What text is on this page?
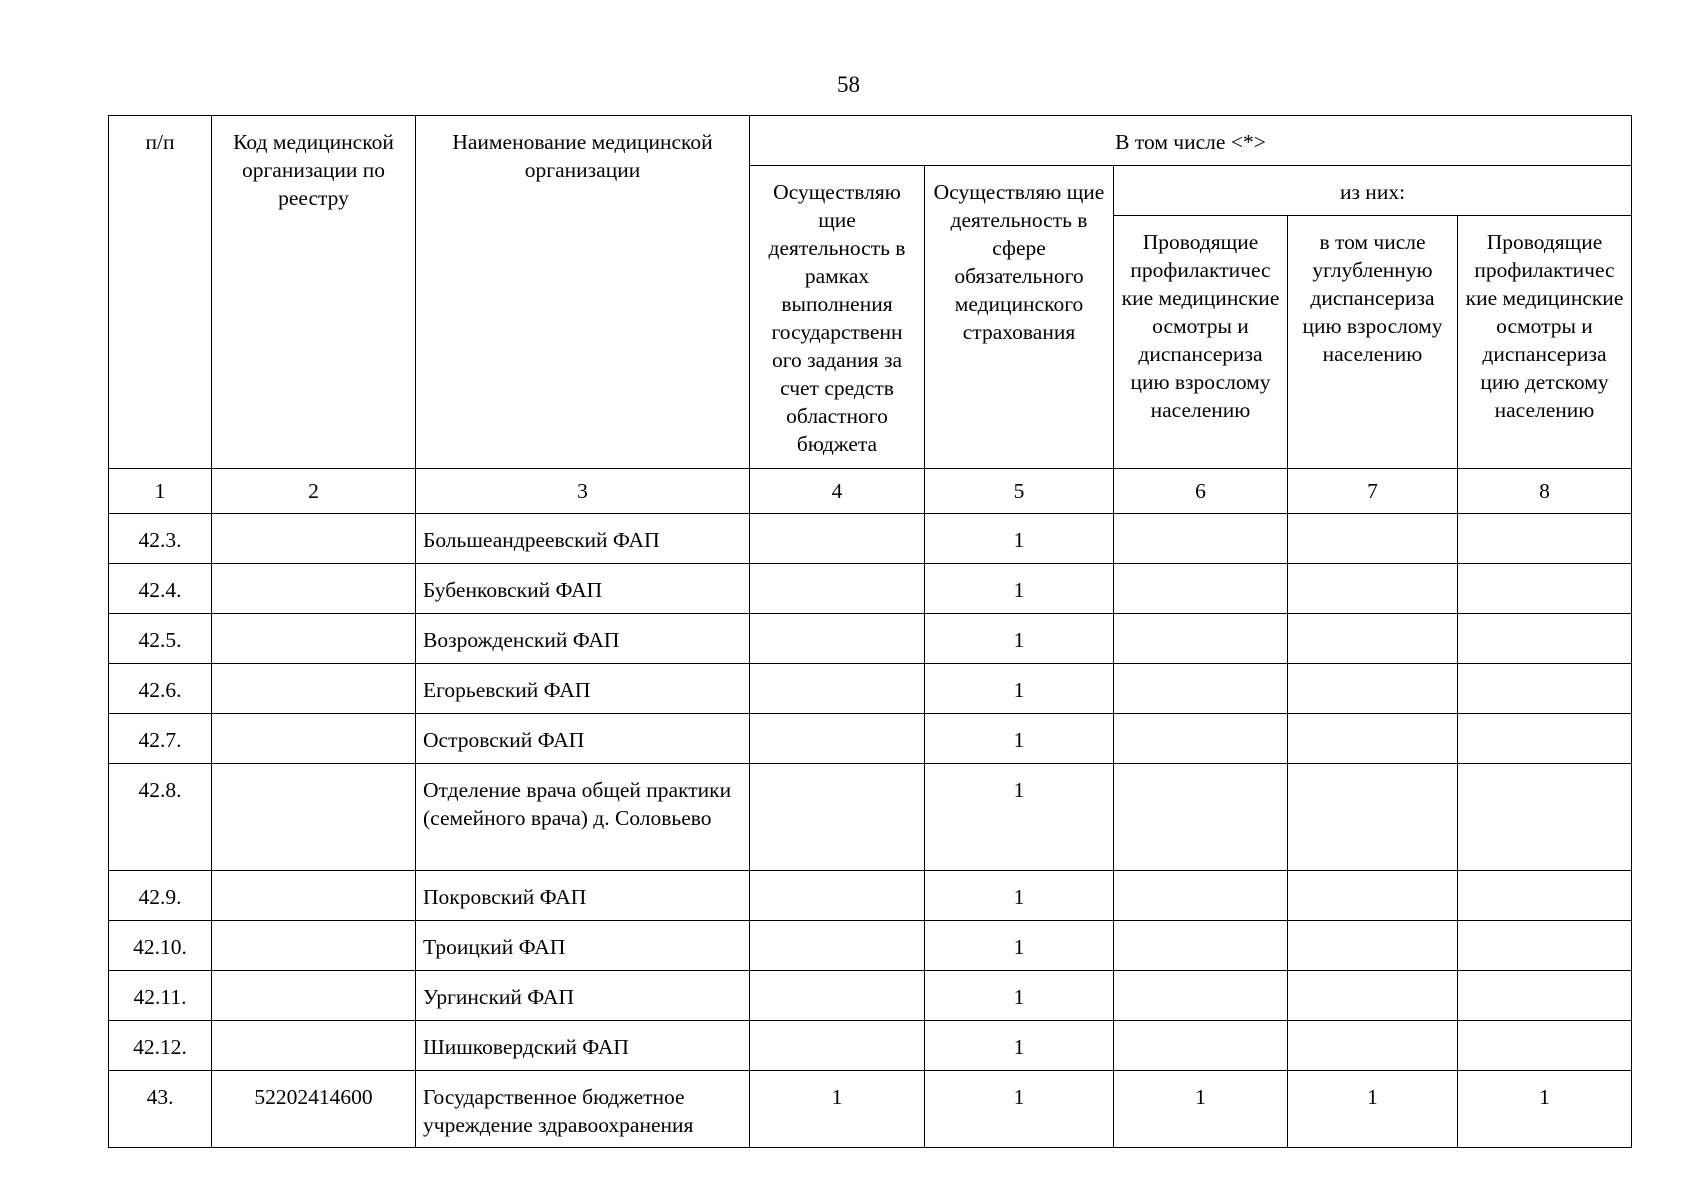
58
п/п	Код медицинской организации по реестру	Наименование медицинской организации	В том числе <*>				
			Осуществляю щие деятельность в рамках выполнения государственн ого задания за счет средств областного бюджета	Осуществляю щие деятельность в сфере обязательного медицинского страхования	из них:		
					Проводящие профилактичес кие медицинские осмотры и диспансериза цию взрослому населению	в том числе углубленную диспансериза цию взрослому населению	Проводящие профилактичес кие медицинские осмотры и диспансериза цию детскому населению
1	2	3	4	5	6	7	8
42.3.		Большеандреевский ФАП		1			
42.4.		Бубенковский ФАП		1			
42.5.		Возрожденский ФАП		1			
42.6.		Егорьевский ФАП		1			
42.7.		Островский ФАП		1			
42.8.		Отделение врача общей практики (семейного врача) д. Соловьево		1			
42.9.		Покровский ФАП		1			
42.10.		Троицкий ФАП		1			
42.11.		Ургинский ФАП		1			
42.12.		Шишковердский ФАП		1			
43.	52202414600	Государственное бюджетное учреждение здравоохранения	1	1	1	1	1
